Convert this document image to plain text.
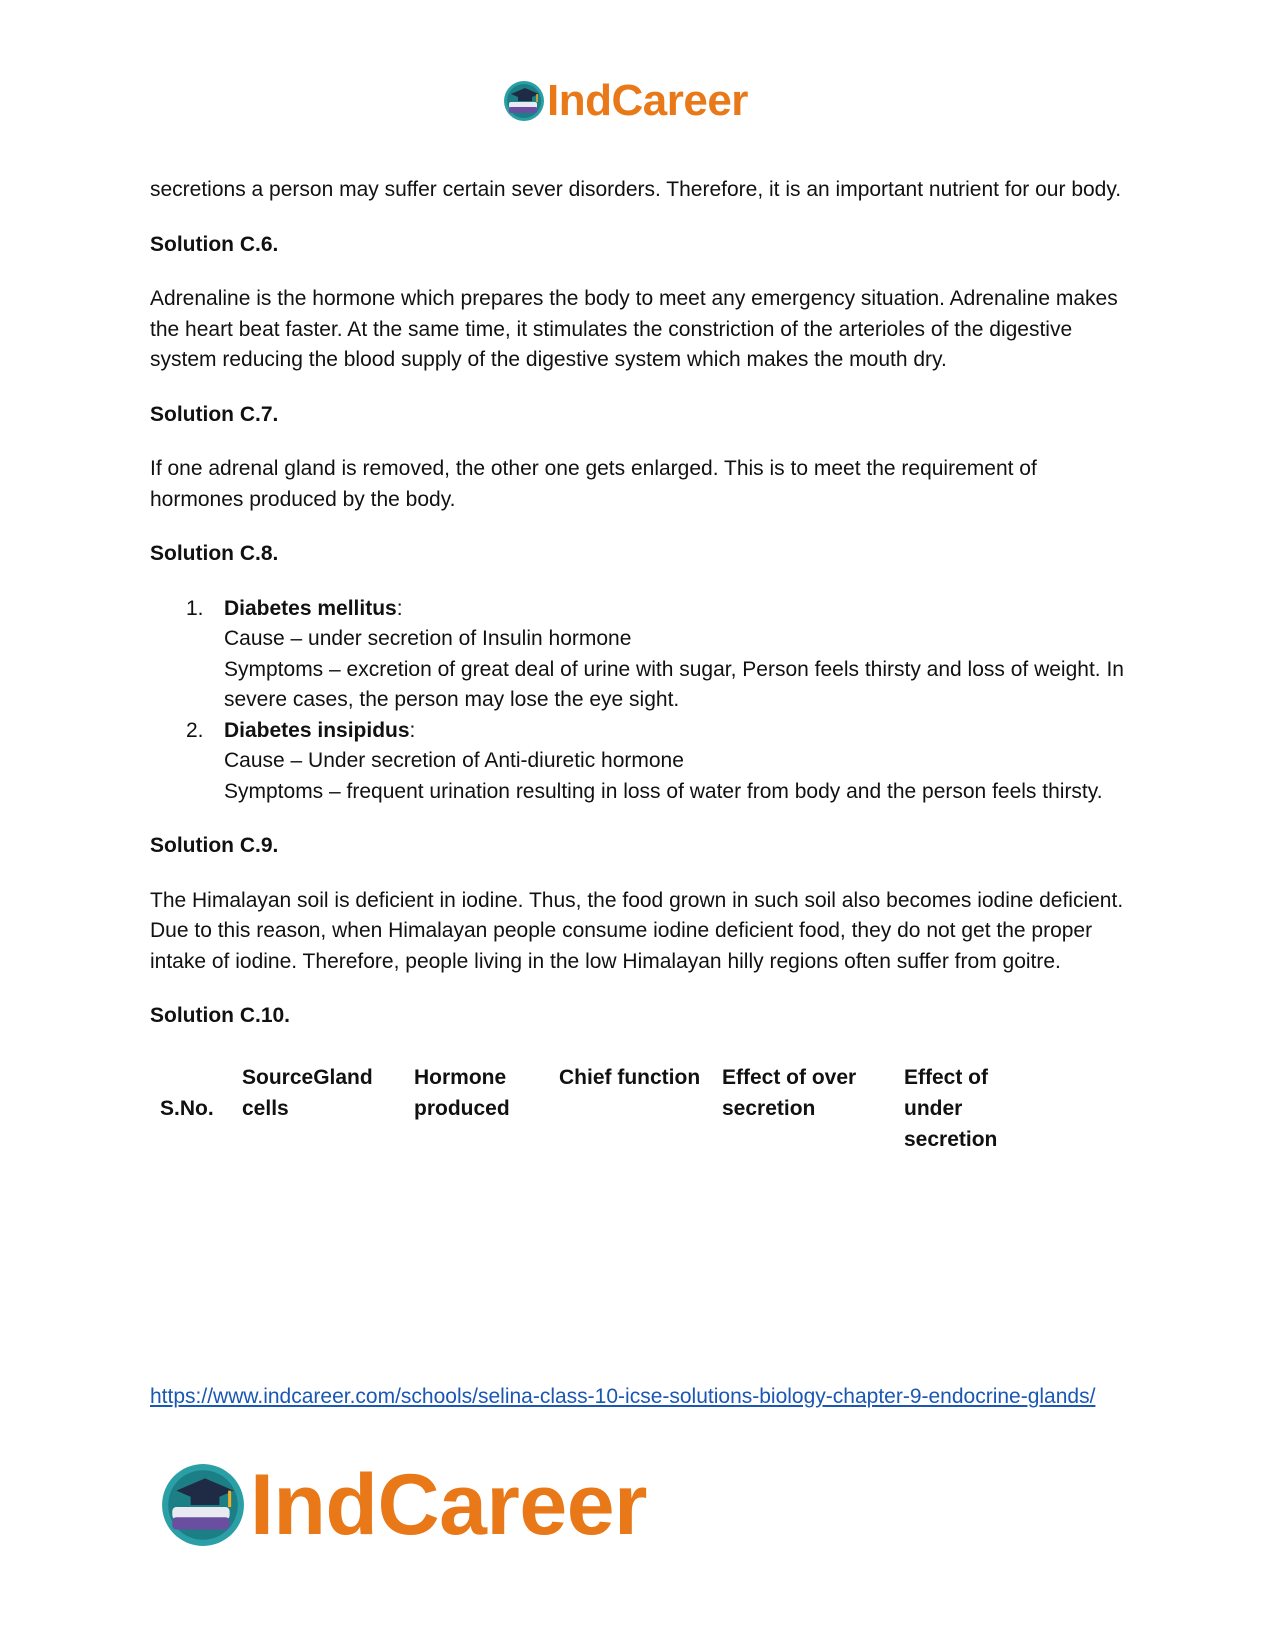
IndCareer

secretions a person may suffer certain sever disorders. Therefore, it is an important nutrient for our body.

Solution C.6.

Adrenaline is the hormone which prepares the body to meet any emergency situation. Adrenaline makes the heart beat faster. At the same time, it stimulates the constriction of the arterioles of the digestive system reducing the blood supply of the digestive system which makes the mouth dry.

Solution C.7.

If one adrenal gland is removed, the other one gets enlarged. This is to meet the requirement of hormones produced by the body.

Solution C.8.

1. Diabetes mellitus:
Cause – under secretion of Insulin hormone
Symptoms – excretion of great deal of urine with sugar, Person feels thirsty and loss of weight. In severe cases, the person may lose the eye sight.
2. Diabetes insipidus:
Cause – Under secretion of Anti-diuretic hormone
Symptoms – frequent urination resulting in loss of water from body and the person feels thirsty.

Solution C.9.

The Himalayan soil is deficient in iodine. Thus, the food grown in such soil also becomes iodine deficient. Due to this reason, when Himalayan people consume iodine deficient food, they do not get the proper intake of iodine. Therefore, people living in the low Himalayan hilly regions often suffer from goitre.

Solution C.10.

S.No.	SourceGland cells	Hormone produced	Chief function	Effect of over secretion	Effect of under secretion
https://www.indcareer.com/schools/selina-class-10-icse-solutions-biology-chapter-9-endocrine-glands/
IndCareer
